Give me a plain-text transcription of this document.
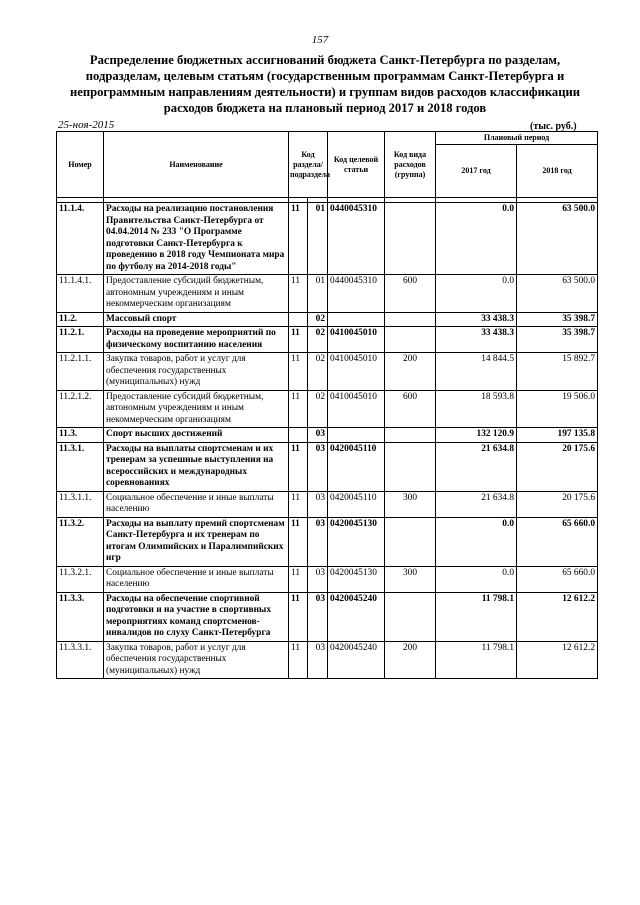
157
Распределение бюджетных ассигнований бюджета Санкт-Петербурга по разделам, подразделам, целевым статьям (государственным программам Санкт-Петербурга и непрограммным направлениям деятельности) и группам видов расходов классификации расходов бюджета на плановый период 2017 и 2018 годов
25-ноя-2015	(тыс. руб.)
Номер	Наименование	Код раздела/подраздела		Код целевой статьи	Код вида расходов (группа)	Плановый период	
						2017 год	2018 год

11.1.4.	Расходы на реализацию постановления Правительства Санкт-Петербурга от 04.04.2014 № 233 "О Программе подготовки Санкт-Петербурга к проведению в 2018 году Чемпионата мира по футболу на 2014-2018 годы"	11	01	0440045310		0.0	63 500.0
11.1.4.1.	Предоставление субсидий бюджетным, автономным учреждениям и иным некоммерческим организациям	11	01	0440045310	600	0.0	63 500.0
11.2.	Массовый спорт		02			33 438.3	35 398.7
11.2.1.	Расходы на проведение мероприятий по физическому воспитанию населения	11	02	0410045010		33 438.3	35 398.7
11.2.1.1.	Закупка товаров, работ и услуг для обеспечения государственных (муниципальных) нужд	11	02	0410045010	200	14 844.5	15 892.7
11.2.1.2.	Предоставление субсидий бюджетным, автономным учреждениям и иным некоммерческим организациям	11	02	0410045010	600	18 593.8	19 506.0
11.3.	Спорт высших достижений		03			132 120.9	197 135.8
11.3.1.	Расходы на выплаты спортсменам и их тренерам за успешные выступления на всероссийских и международных соревнованиях	11	03	0420045110		21 634.8	20 175.6
11.3.1.1.	Социальное обеспечение и иные выплаты населению	11	03	0420045110	300	21 634.8	20 175.6
11.3.2.	Расходы на выплату премий спортсменам Санкт-Петербурга и их тренерам по итогам Олимпийских и Паралимпийских игр	11	03	0420045130		0.0	65 660.0
11.3.2.1.	Социальное обеспечение и иные выплаты населению	11	03	0420045130	300	0.0	65 660.0
11.3.3.	Расходы на обеспечение спортивной подготовки и на участие в спортивных мероприятиях команд спортсменов-инвалидов по слуху Санкт-Петербурга	11	03	0420045240		11 798.1	12 612.2
11.3.3.1.	Закупка товаров, работ и услуг для обеспечения государственных (муниципальных) нужд	11	03	0420045240	200	11 798.1	12 612.2
